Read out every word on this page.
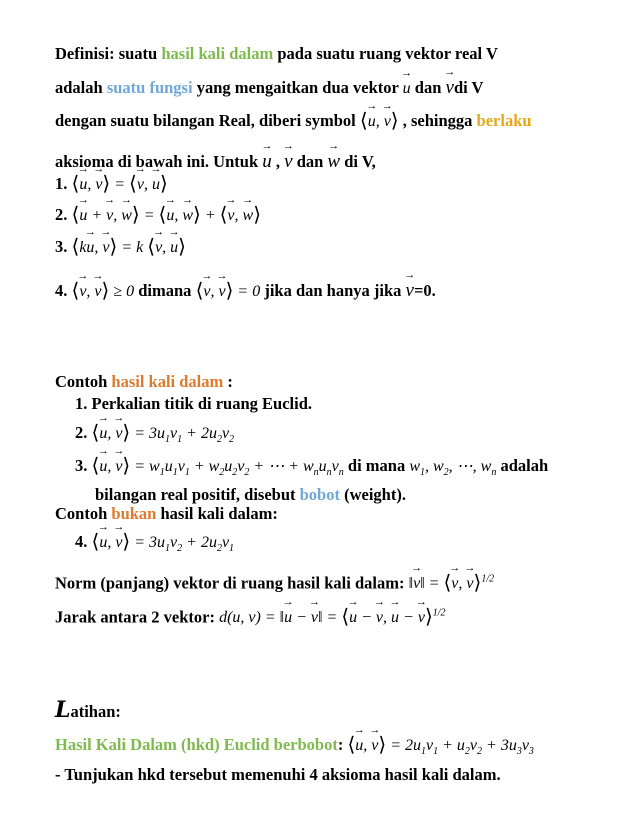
Definisi: suatu hasil kali dalam pada suatu ruang vektor real V
adalah suatu fungsi yang mengaitkan dua vektor → u dan → vdi V
dengan suatu bilangan Real, diberi symbol ⟨→ u, → v⟩ , sehingga berlaku
aksioma di bawah ini. Untuk → u , → v dan → w di V,
1. ⟨→ u, → v⟩ = ⟨→ v, → u⟩
2. ⟨→ u + → v, → w⟩ = ⟨→ u, → w⟩ + ⟨→ v, → w⟩
3. ⟨k→ u, → v⟩ = k ⟨→ v, → u⟩
4. ⟨→ v, → v⟩ ≥ 0 dimana ⟨→ v, → v⟩ = 0 jika dan hanya jika → v=0.
Contoh hasil kali dalam :
1. Perkalian titik di ruang Euclid.
2. ⟨→ u, → v⟩ = $3u_1v_1 + 2u_2v_2$
3. ⟨→ u, → v⟩ = $w_1u_1v_1 + w_2u_2v_2$ + ⋯ + $w_nu_nv_n$ di mana $w_1$, $w_2$, ⋯, $w_n$ adalah
bilangan real positif, disebut bobot (weight).
Contoh bukan hasil kali dalam:
4. ⟨→ u, → v⟩ = $3u_1v_2 + 2u_2v_1$
Norm (panjang) vektor di ruang hasil kali dalam: ‖→ v‖ = ⟨→ v, → v⟩$^{1/2}$
Jarak antara 2 vektor: d(u, v) = ‖→ u − → v‖ = ⟨→ u − → v, → u − → v⟩$^{1/2}$
Latihan:
Hasil Kali Dalam (hkd) Euclid berbobot: ⟨→ u, → v⟩ = $2u_1v_1 + u_2v_2 + 3u_3v_3$
- Tunjukan hkd tersebut memenuhi 4 aksioma hasil kali dalam.
